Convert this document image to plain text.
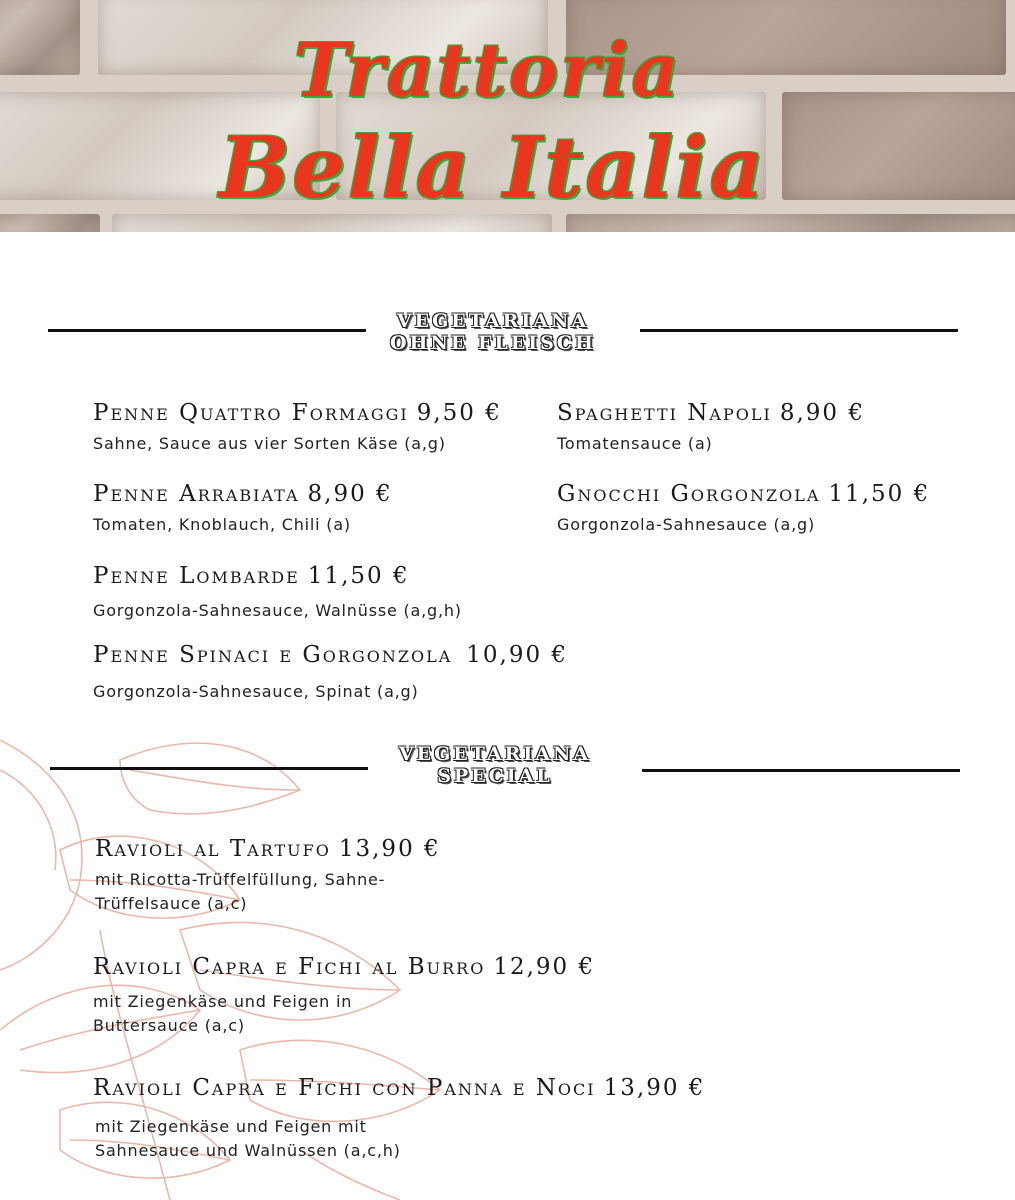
Trattoria
Bella Italia
VEGETARIANA
OHNE FLEISCH
Penne Quattro Formaggi 9,50 €
Sahne, Sauce aus vier Sorten Käse (a,g)
Spaghetti Napoli 8,90 €
Tomatensauce (a)
Penne Arrabiata 8,90 €
Tomaten, Knoblauch, Chili (a)
Gnocchi Gorgonzola 11,50 €
Gorgonzola-Sahnesauce (a,g)
Penne Lombarde 11,50 €
Gorgonzola-Sahnesauce, Walnüsse (a,g,h)
Penne Spinaci e Gorgonzola 10,90 €
Gorgonzola-Sahnesauce, Spinat (a,g)
VEGETARIANA
SPECIAL
Ravioli al Tartufo 13,90 €
mit Ricotta-Trüffelfüllung, Sahne-
Trüffelsauce (a,c)
Ravioli Capra e Fichi al Burro 12,90 €
mit Ziegenkäse und Feigen in
Buttersauce (a,c)
Ravioli Capra e Fichi con Panna e Noci 13,90 €
mit Ziegenkäse und Feigen mit
Sahnesauce und Walnüssen (a,c,h)
